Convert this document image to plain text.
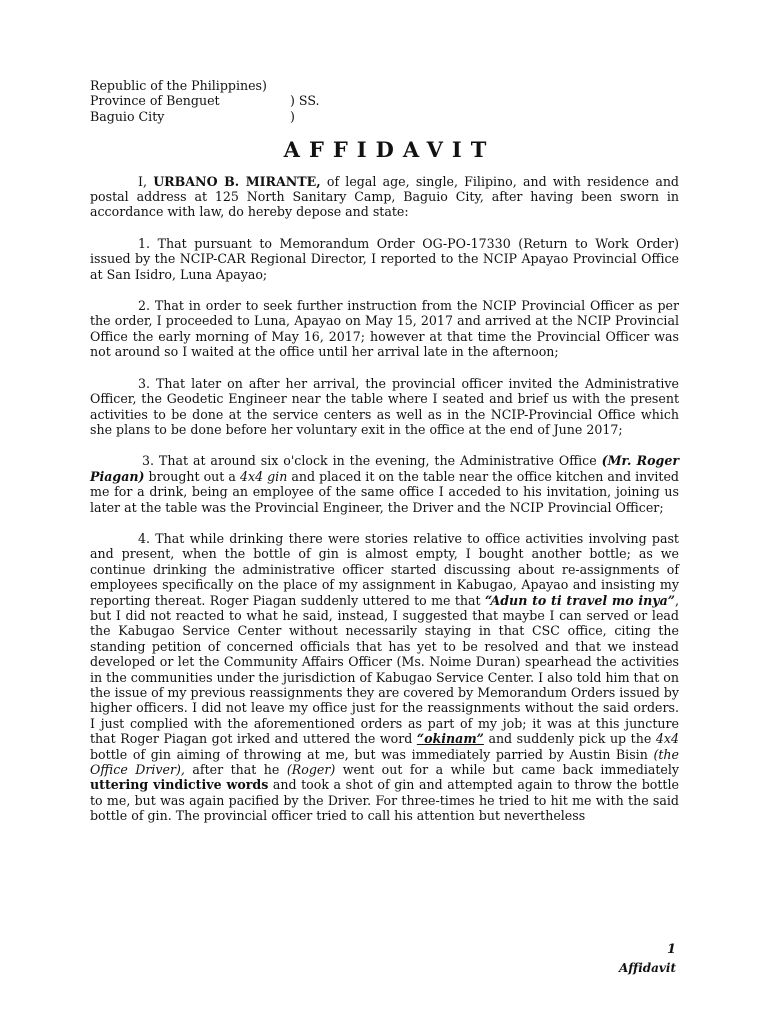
Republic of the Philippines)
Province of Benguet	) SS.
Baguio City	)
AFFIDAVIT

I, URBANO B. MIRANTE, of legal age, single, Filipino, and with residence and postal address at 125 North Sanitary Camp, Baguio City, after having been sworn in accordance with law, do hereby depose and state:

1. That pursuant to Memorandum Order OG-PO-17330 (Return to Work Order) issued by the NCIP-CAR Regional Director, I reported to the NCIP Apayao Provincial Office at San Isidro, Luna Apayao;

2. That in order to seek further instruction from the NCIP Provincial Officer as per the order, I proceeded to Luna, Apayao on May 15, 2017 and arrived at the NCIP Provincial Office the early morning of May 16, 2017; however at that time the Provincial Officer was not around so I waited at the office until her arrival late in the afternoon;

3. That later on after her arrival, the provincial officer invited the Administrative Officer, the Geodetic Engineer near the table where I seated and brief us with the present activities to be done at the service centers as well as in the NCIP-Provincial Office which she plans to be done before her voluntary exit in the office at the end of June 2017;

3. That at around six o'clock in the evening, the Administrative Office (Mr. Roger Piagan) brought out a 4x4 gin and placed it on the table near the office kitchen and invited me for a drink, being an employee of the same office I acceded to his invitation, joining us later at the table was the Provincial Engineer, the Driver and the NCIP Provincial Officer;

4. That while drinking there were stories relative to office activities involving past and present, when the bottle of gin is almost empty, I bought another bottle; as we continue drinking the administrative officer started discussing about re-assignments of employees specifically on the place of my assignment in Kabugao, Apayao and insisting my reporting thereat. Roger Piagan suddenly uttered to me that “Adun to ti travel mo inya”, but I did not reacted to what he said, instead, I suggested that maybe I can served or lead the Kabugao Service Center without necessarily staying in that CSC office, citing the standing petition of concerned officials that has yet to be resolved and that we instead developed or let the Community Affairs Officer (Ms. Noime Duran) spearhead the activities in the communities under the jurisdiction of Kabugao Service Center. I also told him that on the issue of my previous reassignments they are covered by Memorandum Orders issued by higher officers. I did not leave my office just for the reassignments without the said orders. I just complied with the aforementioned orders as part of my job; it was at this juncture that Roger Piagan got irked and uttered the word “okinam” and suddenly pick up the 4x4 bottle of gin aiming of throwing at me, but was immediately parried by Austin Bisin (the Office Driver), after that he (Roger) went out for a while but came back immediately uttering vindictive words and took a shot of gin and attempted again to throw the bottle to me, but was again pacified by the Driver. For three-times he tried to hit me with the said bottle of gin. The provincial officer tried to call his attention but nevertheless

1
Affidavit
